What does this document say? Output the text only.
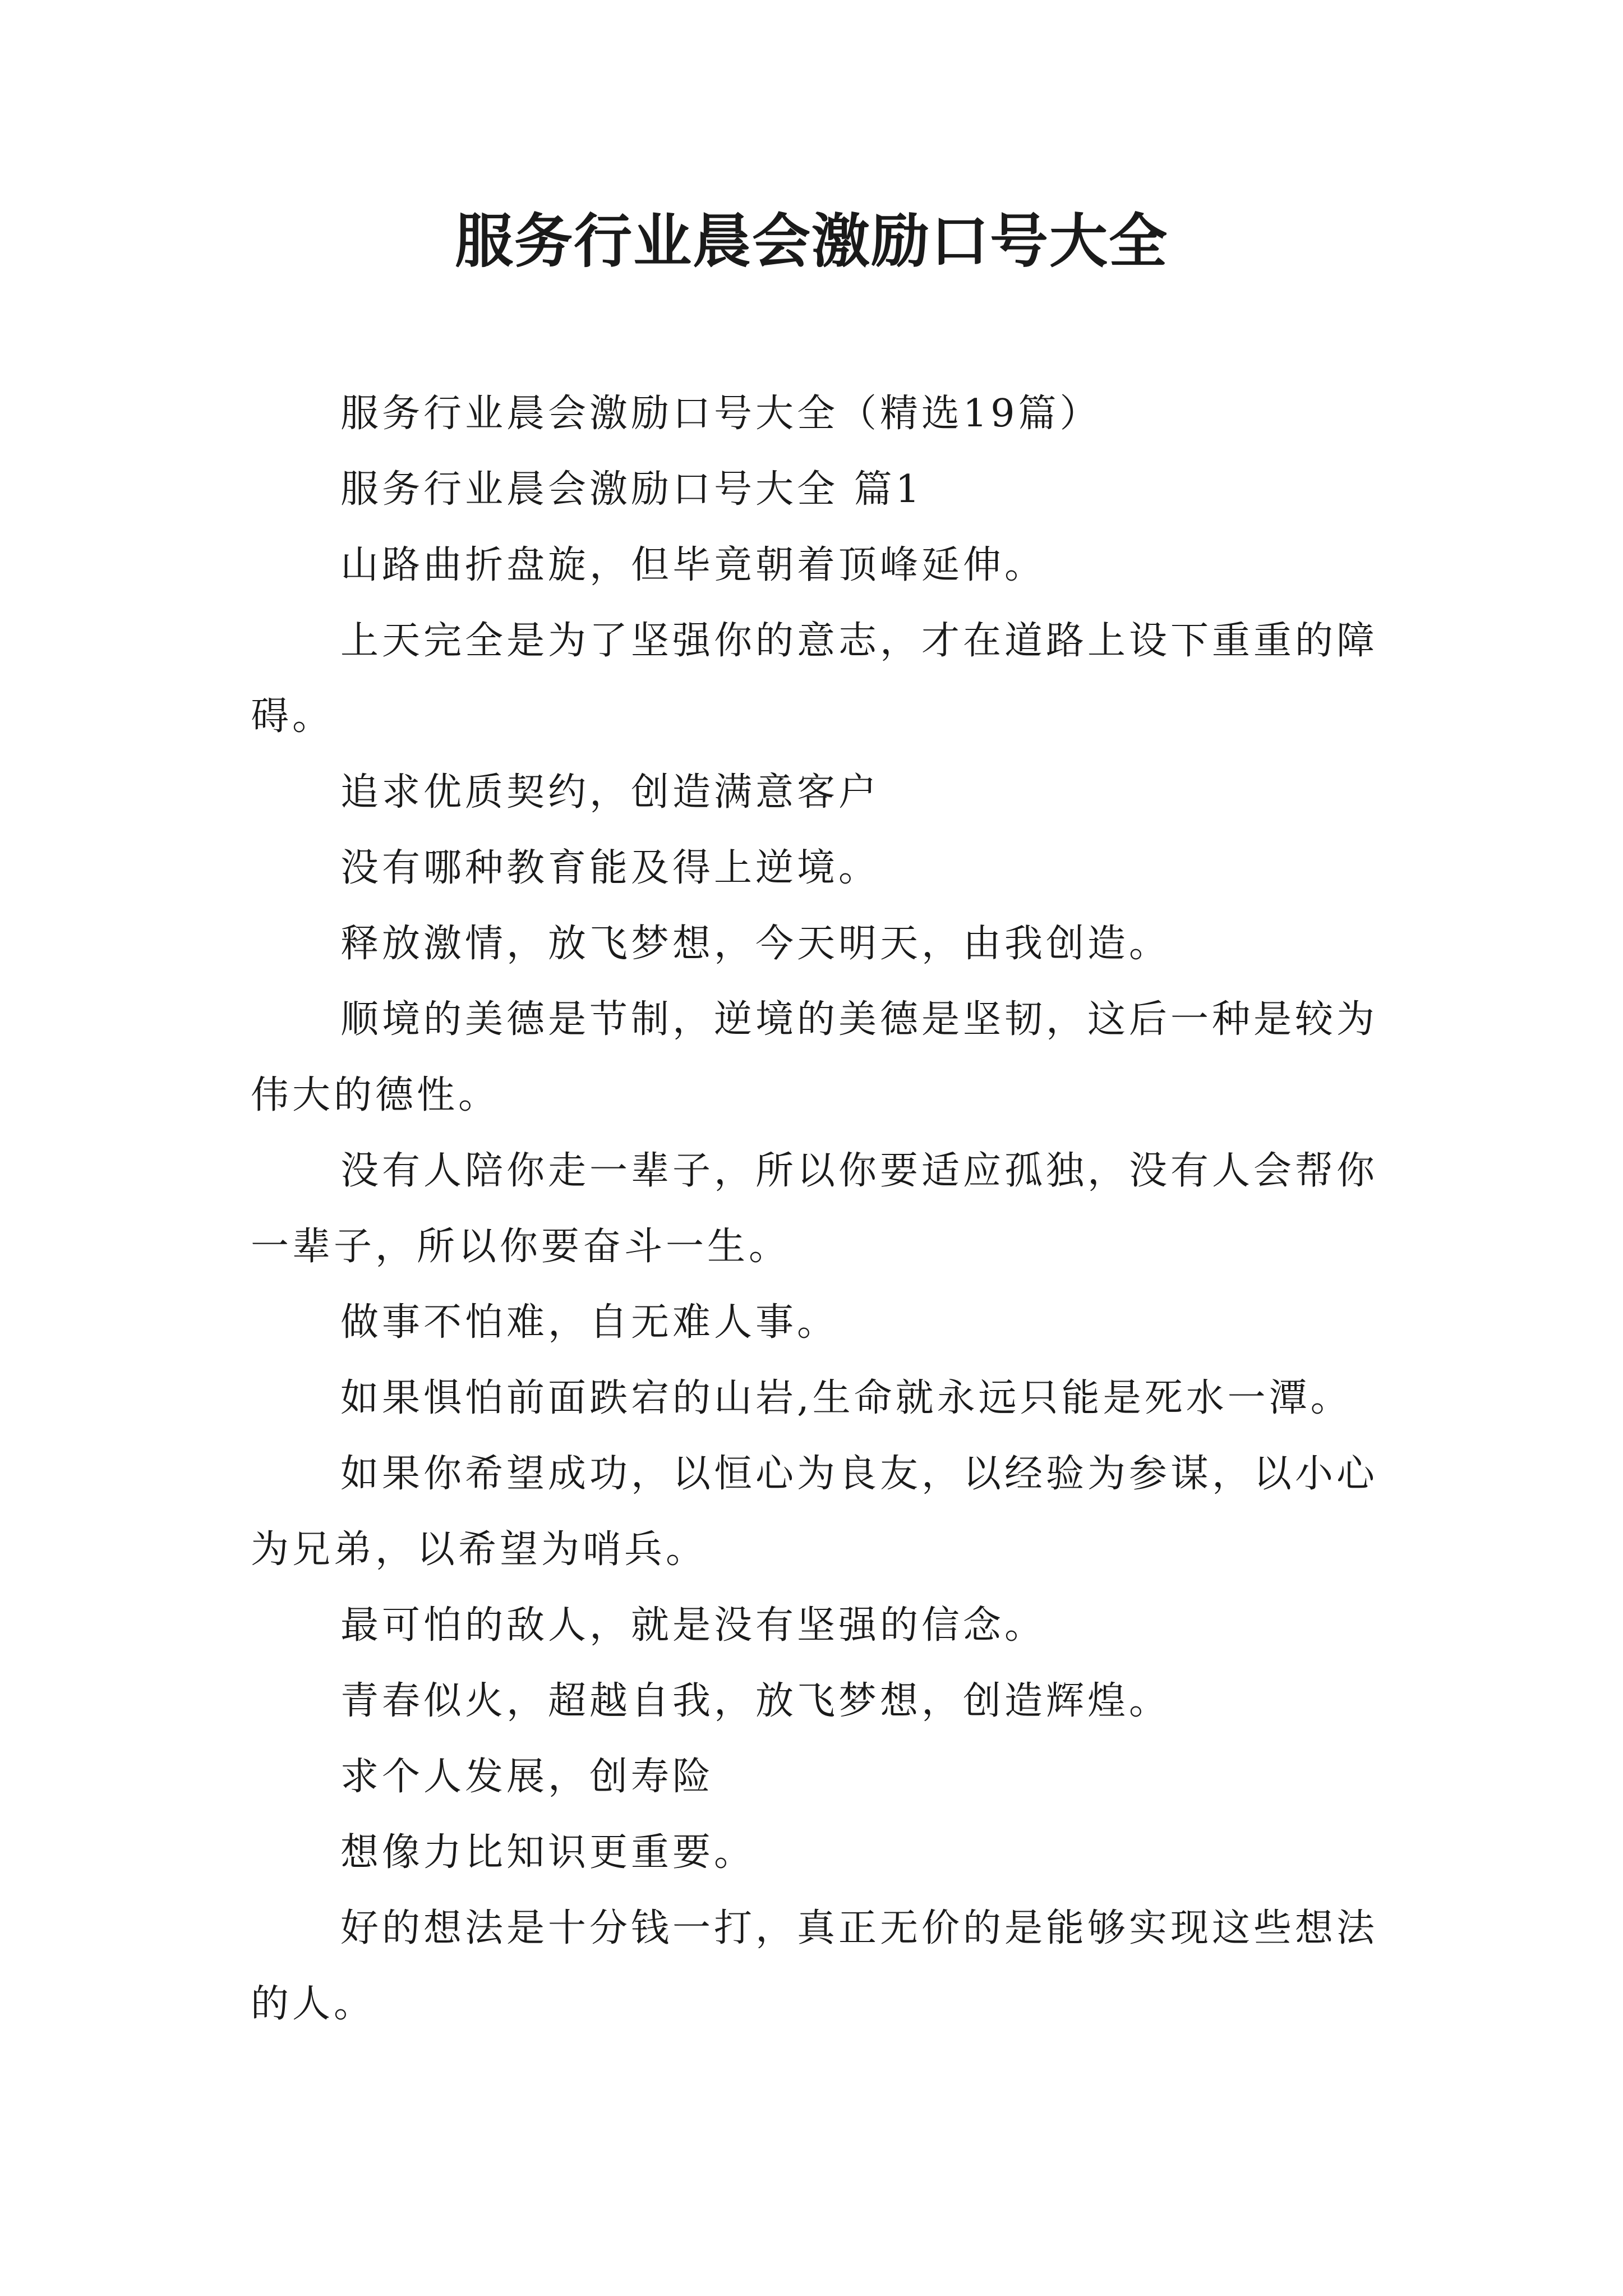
服务行业晨会激励口号大全

服务行业晨会激励口号大全（精选19篇）

服务行业晨会激励口号大全 篇1

山路曲折盘旋，但毕竟朝着顶峰延伸。

上天完全是为了坚强你的意志，才在道路上设下重重的障碍。

追求优质契约，创造满意客户

没有哪种教育能及得上逆境。

释放激情，放飞梦想，今天明天，由我创造。

顺境的美德是节制，逆境的美德是坚韧，这后一种是较为伟大的德性。

没有人陪你走一辈子，所以你要适应孤独，没有人会帮你一辈子，所以你要奋斗一生。

做事不怕难，自无难人事。

如果惧怕前面跌宕的山岩,生命就永远只能是死水一潭。

如果你希望成功，以恒心为良友，以经验为参谋，以小心为兄弟，以希望为哨兵。

最可怕的敌人，就是没有坚强的信念。

青春似火，超越自我，放飞梦想，创造辉煌。

求个人发展，创寿险

想像力比知识更重要。

好的想法是十分钱一打，真正无价的是能够实现这些想法的人。
